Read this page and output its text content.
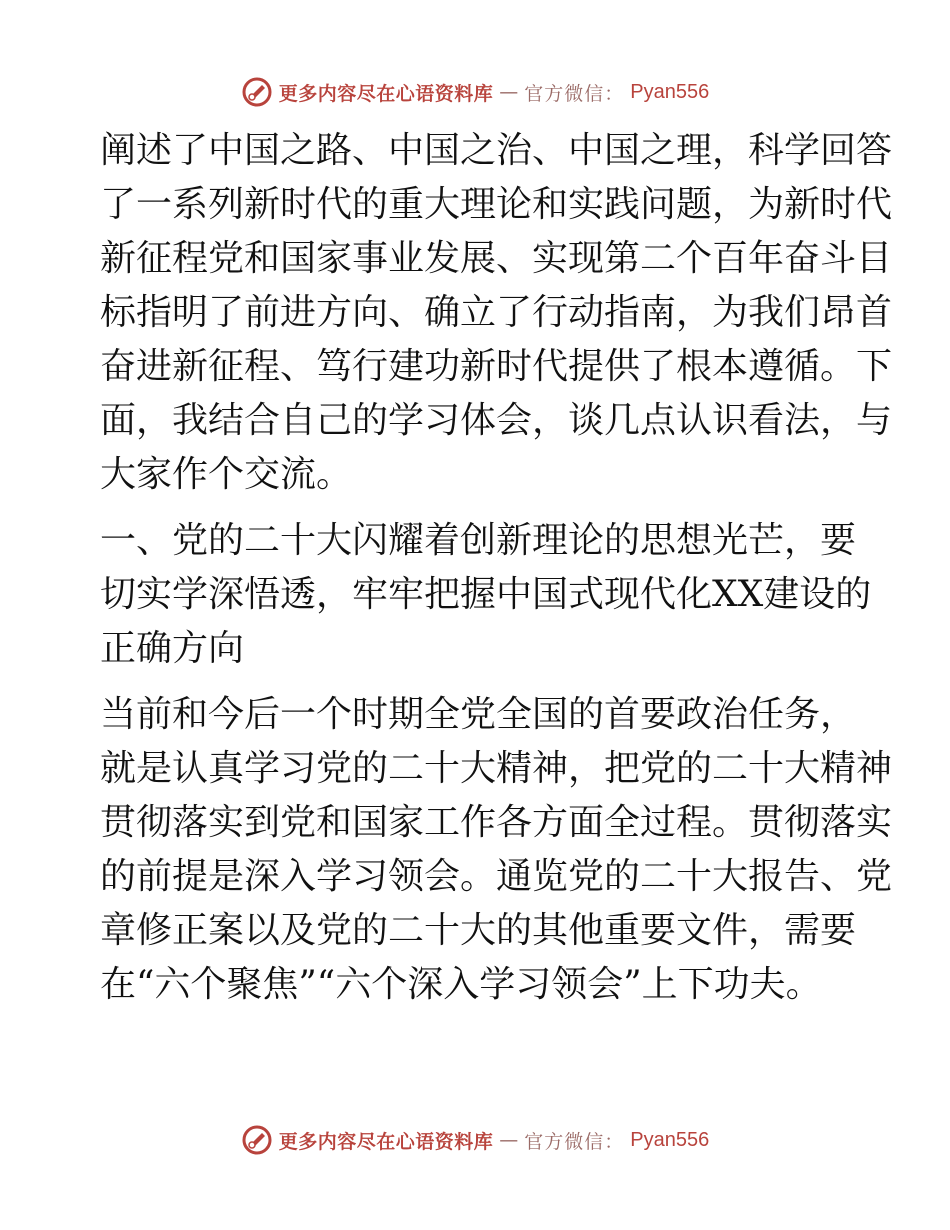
更多内容尽在心语资料库 — 官方微信： Pyan556
阐述了中国之路、中国之治、中国之理，科学回答
了一系列新时代的重大理论和实践问题，为新时代
新征程党和国家事业发展、实现第二个百年奋斗目
标指明了前进方向、确立了行动指南，为我们昂首
奋进新征程、笃行建功新时代提供了根本遵循。下
面，我结合自己的学习体会，谈几点认识看法，与
大家作个交流。
一、党的二十大闪耀着创新理论的思想光芒，要
切实学深悟透，牢牢把握中国式现代化XX建设的
正确方向
当前和今后一个时期全党全国的首要政治任务，
就是认真学习党的二十大精神，把党的二十大精神
贯彻落实到党和国家工作各方面全过程。贯彻落实
的前提是深入学习领会。通览党的二十大报告、党
章修正案以及党的二十大的其他重要文件，需要
在“六个聚焦”“六个深入学习领会”上下功夫。
更多内容尽在心语资料库 — 官方微信： Pyan556
